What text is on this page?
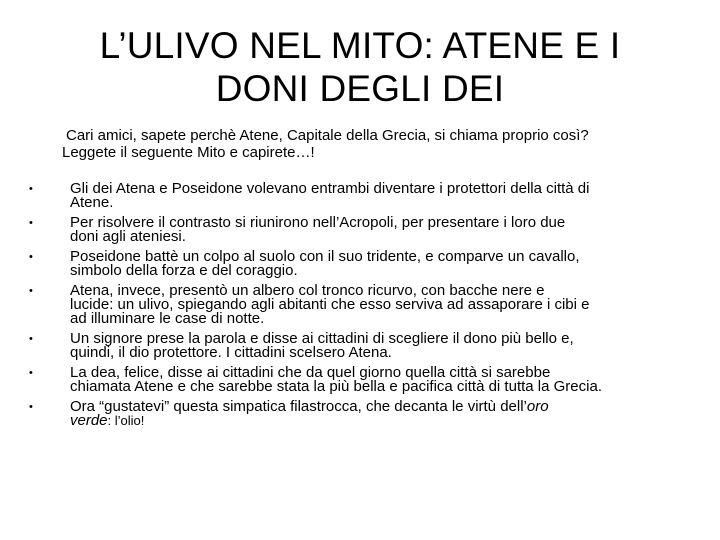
L’ULIVO NEL MITO: ATENE E I
DONI DEGLI DEI

Cari amici, sapete perchè Atene, Capitale della Grecia, si chiama proprio così?
Leggete il seguente Mito e capirete…!

• Gli dei Atena e Poseidone volevano entrambi diventare i protettori della città di
Atene.
• Per risolvere il contrasto si riunirono nell’Acropoli, per presentare i loro due
doni agli ateniesi.
• Poseidone battè un colpo al suolo con il suo tridente, e comparve un cavallo,
simbolo della forza e del coraggio.
• Atena, invece, presentò un albero col tronco ricurvo, con bacche nere e
lucide: un ulivo, spiegando agli abitanti che esso serviva ad assaporare i cibi e
ad illuminare le case di notte.
• Un signore prese la parola e disse ai cittadini di scegliere il dono più bello e,
quindi, il dio protettore. I cittadini scelsero Atena.
• La dea, felice, disse ai cittadini che da quel giorno quella città si sarebbe
chiamata Atene e che sarebbe stata la più bella e pacifica città di tutta la Grecia.
• Ora “gustatevi” questa simpatica filastrocca, che decanta le virtù dell’oro
verde: l’olio!
